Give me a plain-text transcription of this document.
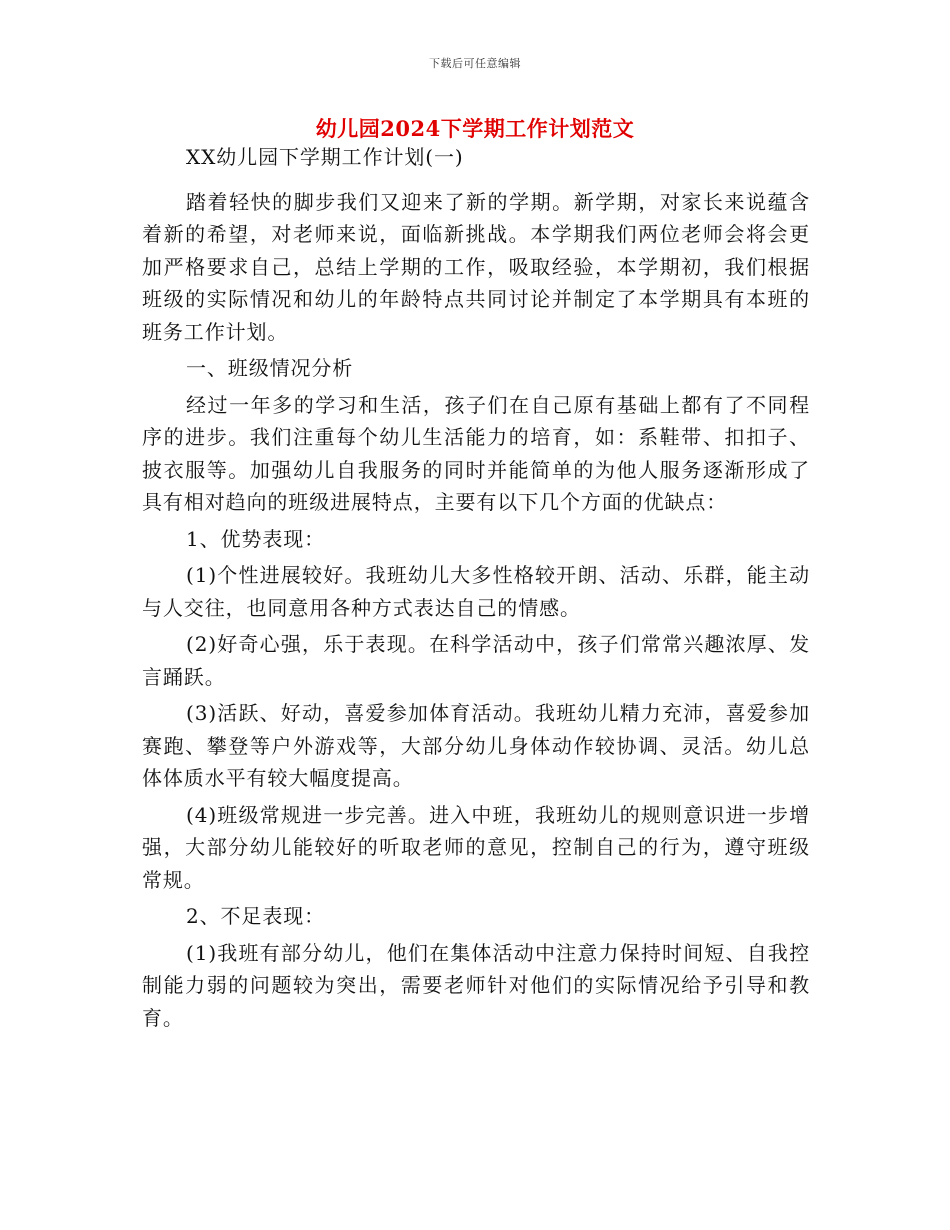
下载后可任意编辑
幼儿园2024下学期工作计划范文

XX幼儿园下学期工作计划(一)

踏着轻快的脚步我们又迎来了新的学期。新学期，对家长来说蕴含着新的希望，对老师来说，面临新挑战。本学期我们两位老师会将会更加严格要求自己，总结上学期的工作，吸取经验，本学期初，我们根据班级的实际情况和幼儿的年龄特点共同讨论并制定了本学期具有本班的班务工作计划。

一、班级情况分析

经过一年多的学习和生活，孩子们在自己原有基础上都有了不同程序的进步。我们注重每个幼儿生活能力的培育，如：系鞋带、扣扣子、披衣服等。加强幼儿自我服务的同时并能简单的为他人服务逐渐形成了具有相对趋向的班级进展特点，主要有以下几个方面的优缺点：

1、优势表现：

(1)个性进展较好。我班幼儿大多性格较开朗、活动、乐群，能主动与人交往，也同意用各种方式表达自己的情感。

(2)好奇心强，乐于表现。在科学活动中，孩子们常常兴趣浓厚、发言踊跃。

(3)活跃、好动，喜爱参加体育活动。我班幼儿精力充沛，喜爱参加赛跑、攀登等户外游戏等，大部分幼儿身体动作较协调、灵活。幼儿总体体质水平有较大幅度提高。

(4)班级常规进一步完善。进入中班，我班幼儿的规则意识进一步增强，大部分幼儿能较好的听取老师的意见，控制自己的行为，遵守班级常规。

2、不足表现：

(1)我班有部分幼儿，他们在集体活动中注意力保持时间短、自我控制能力弱的问题较为突出，需要老师针对他们的实际情况给予引导和教育。
